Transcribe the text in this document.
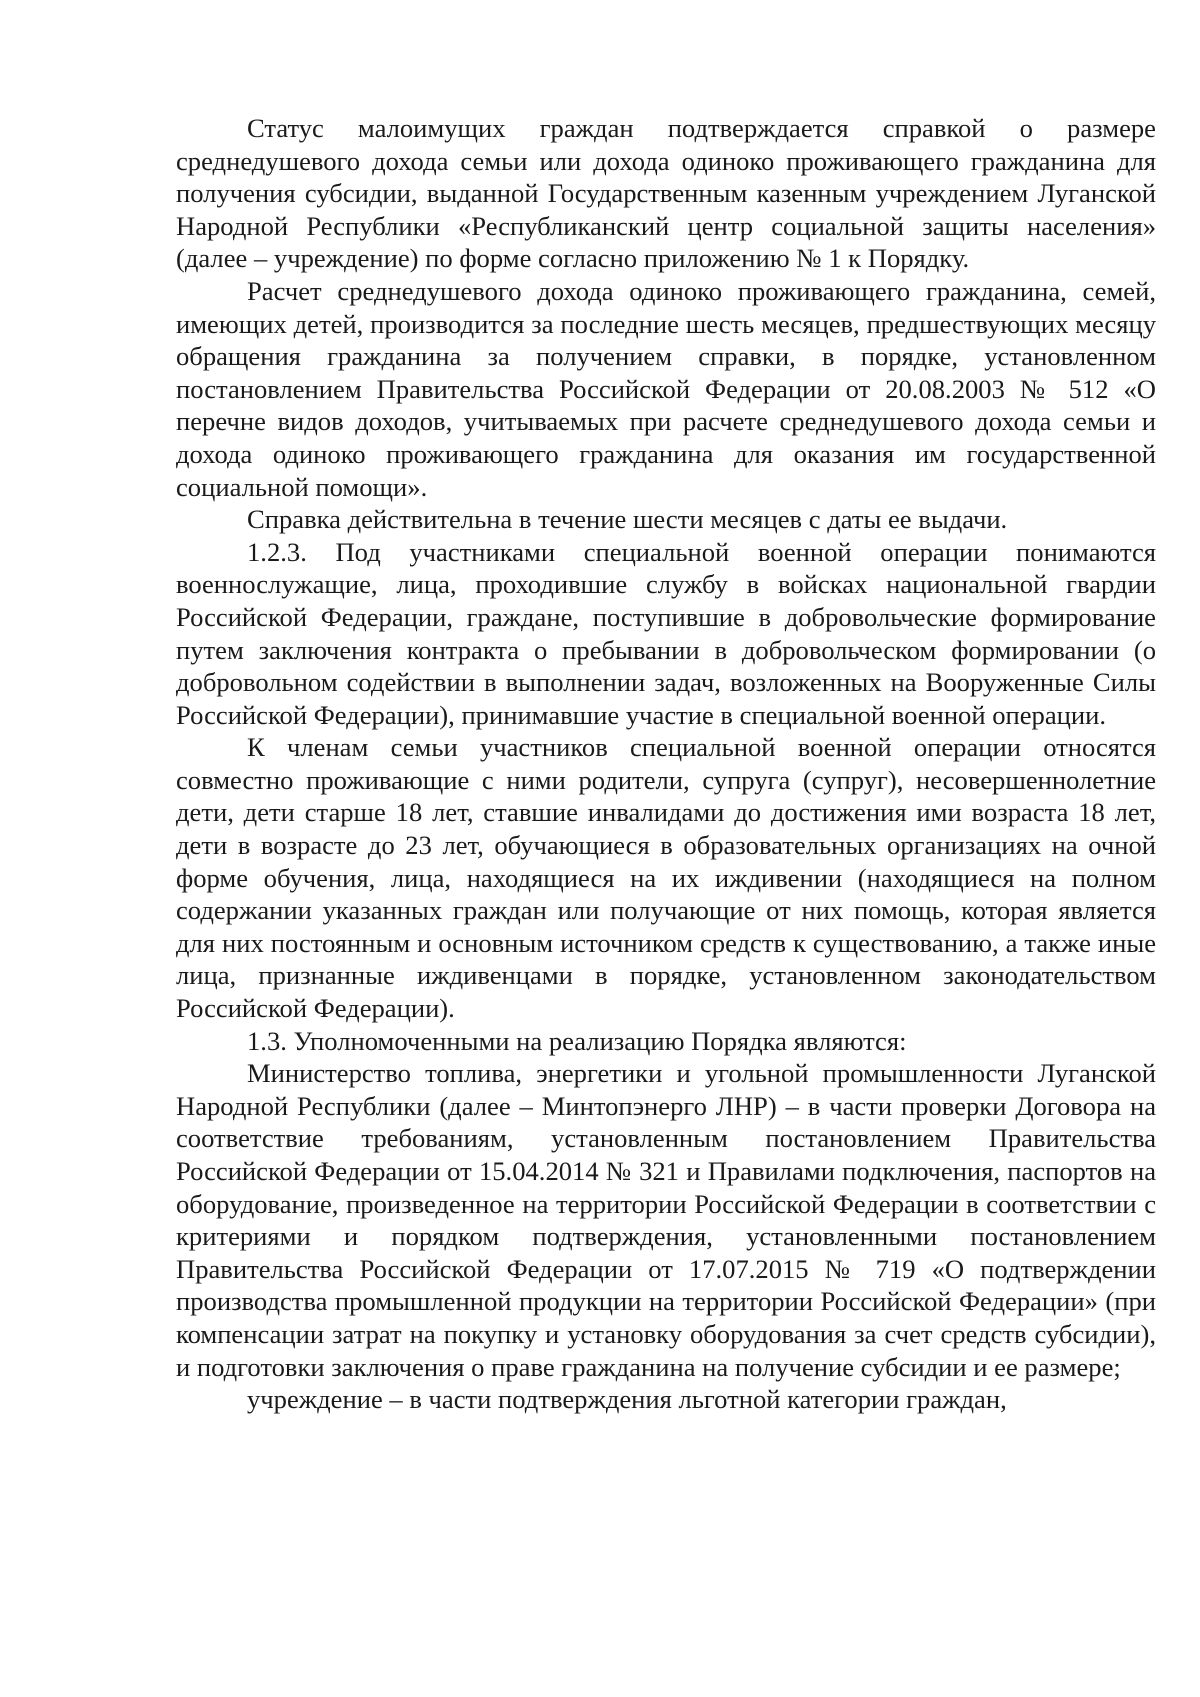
Статус малоимущих граждан подтверждается справкой о размере среднедушевого дохода семьи или дохода одиноко проживающего гражданина для получения субсидии, выданной Государственным казенным учреждением Луганской Народной Республики «Республиканский центр социальной защиты населения» (далее – учреждение) по форме согласно приложению № 1 к Порядку.

Расчет среднедушевого дохода одиноко проживающего гражданина, семей, имеющих детей, производится за последние шесть месяцев, предшествующих месяцу обращения гражданина за получением справки, в порядке, установленном постановлением Правительства Российской Федерации от 20.08.2003 № 512 «О перечне видов доходов, учитываемых при расчете среднедушевого дохода семьи и дохода одиноко проживающего гражданина для оказания им государственной социальной помощи».

Справка действительна в течение шести месяцев с даты ее выдачи.

1.2.3. Под участниками специальной военной операции понимаются военнослужащие, лица, проходившие службу в войсках национальной гвардии Российской Федерации, граждане, поступившие в добровольческие формирование путем заключения контракта о пребывании в добровольческом формировании (о добровольном содействии в выполнении задач, возложенных на Вооруженные Силы Российской Федерации), принимавшие участие в специальной военной операции.

К членам семьи участников специальной военной операции относятся совместно проживающие с ними родители, супруга (супруг), несовершеннолетние дети, дети старше 18 лет, ставшие инвалидами до достижения ими возраста 18 лет, дети в возрасте до 23 лет, обучающиеся в образовательных организациях на очной форме обучения, лица, находящиеся на их иждивении (находящиеся на полном содержании указанных граждан или получающие от них помощь, которая является для них постоянным и основным источником средств к существованию, а также иные лица, признанные иждивенцами в порядке, установленном законодательством Российской Федерации).

1.3. Уполномоченными на реализацию Порядка являются:

Министерство топлива, энергетики и угольной промышленности Луганской Народной Республики (далее – Минтопэнерго ЛНР) – в части проверки Договора на соответствие требованиям, установленным постановлением Правительства Российской Федерации от 15.04.2014 № 321 и Правилами подключения, паспортов на оборудование, произведенное на территории Российской Федерации в соответствии с критериями и порядком подтверждения, установленными постановлением Правительства Российской Федерации от 17.07.2015 № 719 «О подтверждении производства промышленной продукции на территории Российской Федерации» (при компенсации затрат на покупку и установку оборудования за счет средств субсидии), и подготовки заключения о праве гражданина на получение субсидии и ее размере;

учреждение – в части подтверждения льготной категории граждан,
